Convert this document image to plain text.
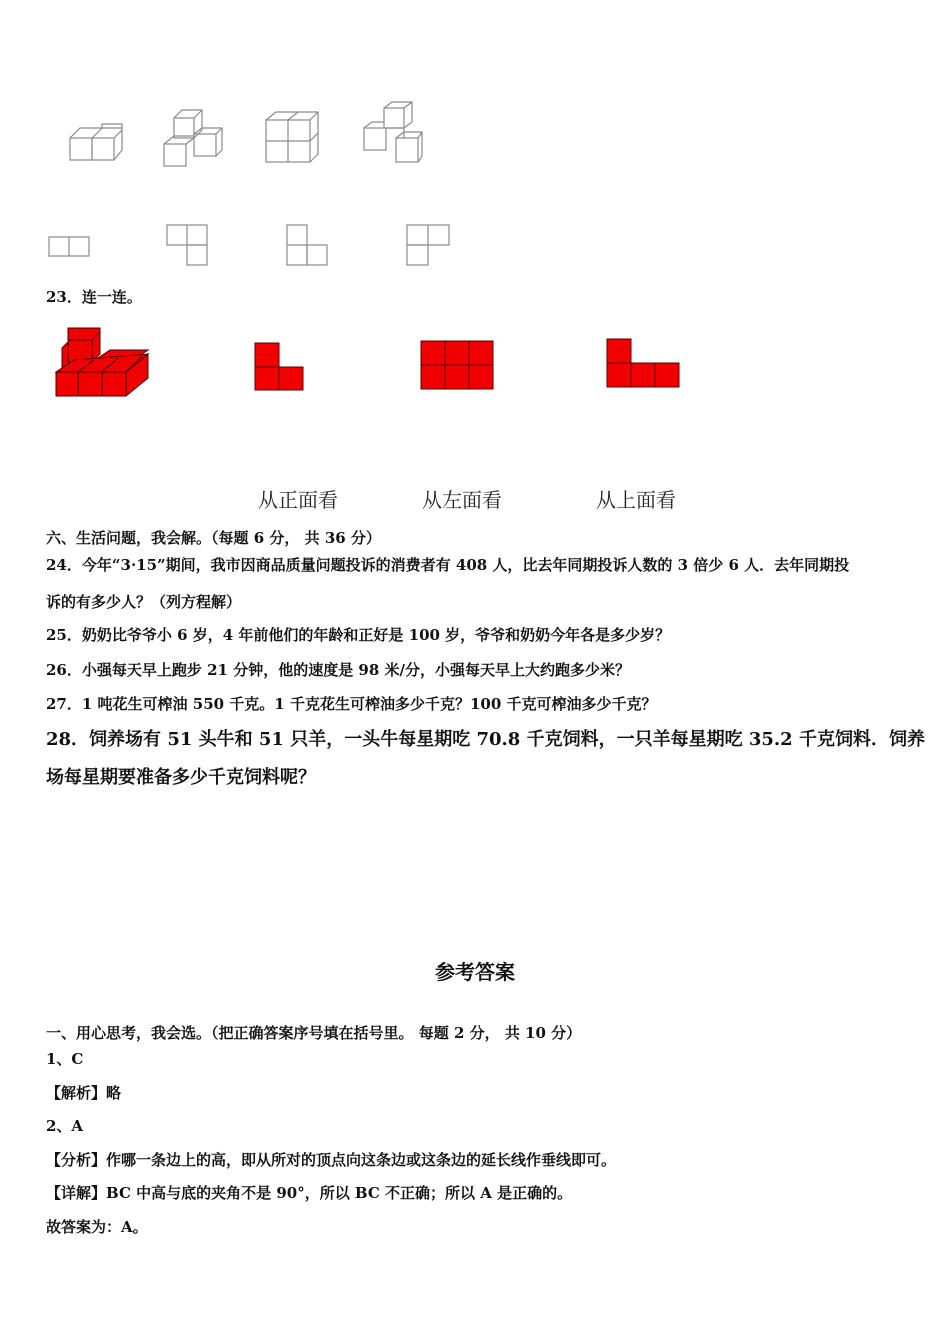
23．连一连。
从正面看	从左面看	从上面看
六、生活问题，我会解。（每题 6 分， 共 36 分）
24．今年“3·15”期间，我市因商品质量问题投诉的消费者有 408 人，比去年同期投诉人数的 3 倍少 6 人．去年同期投
诉的有多少人？（列方程解）
25．奶奶比爷爷小 6 岁，4 年前他们的年龄和正好是 100 岁，爷爷和奶奶今年各是多少岁？
26．小强每天早上跑步 21 分钟，他的速度是 98 米/分，小强每天早上大约跑多少米？
27．1 吨花生可榨油 550 千克。1 千克花生可榨油多少千克？100 千克可榨油多少千克？
28．饲养场有 51 头牛和 51 只羊，一头牛每星期吃 70.8 千克饲料，一只羊每星期吃 35.2 千克饲料．饲养
场每星期要准备多少千克饲料呢？
参考答案
一、用心思考，我会选。（把正确答案序号填在括号里。 每题 2 分， 共 10 分）
1、C
【解析】略
2、A
【分析】作哪一条边上的高，即从所对的顶点向这条边或这条边的延长线作垂线即可。
【详解】BC 中高与底的夹角不是 90°，所以 BC 不正确；所以 A 是正确的。
故答案为：A。
